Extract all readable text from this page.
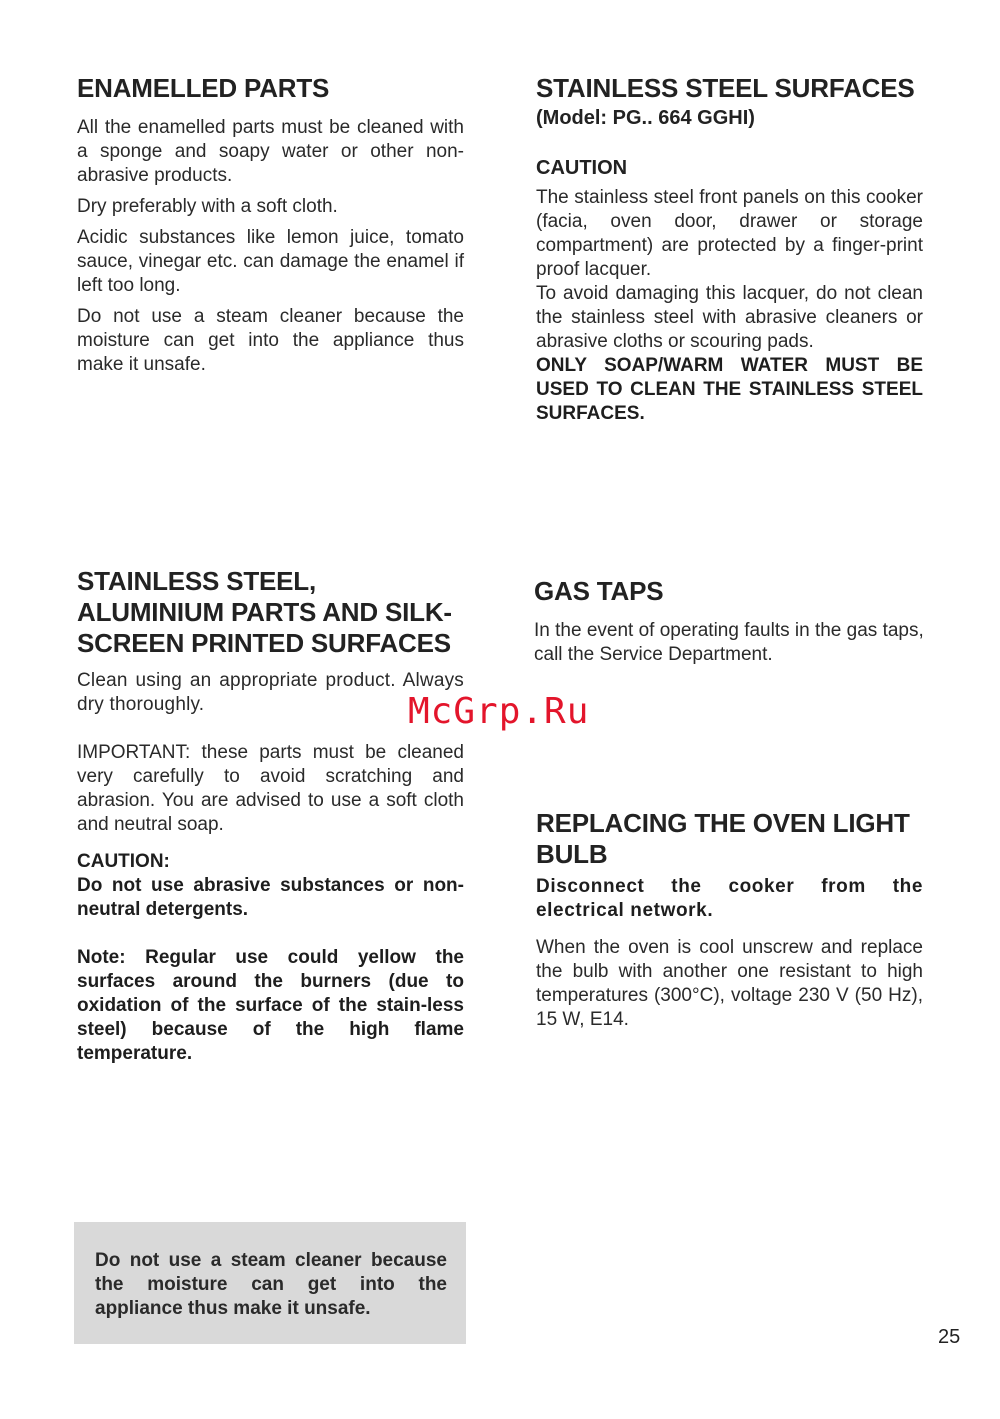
ENAMELLED PARTS

All the enamelled parts must be cleaned with a sponge and soapy water or other non-abrasive products.

Dry preferably with a soft cloth.

Acidic substances like lemon juice, tomato sauce, vinegar etc. can damage the enamel if left too long.

Do not use a steam cleaner because the moisture can get into the appliance thus make it unsafe.

STAINLESS STEEL SURFACES

(Model: PG.. 664 GGHI)

CAUTION

The stainless steel front panels on this cooker (facia, oven door, drawer or storage compartment) are protected by a finger-print proof lacquer.

To avoid damaging this lacquer, do not clean the stainless steel with abrasive cleaners or abrasive cloths or scouring pads.

ONLY SOAP/WARM WATER MUST BE USED TO CLEAN THE STAINLESS STEEL SURFACES.

STAINLESS STEEL, ALUMINIUM PARTS AND SILK-SCREEN PRINTED SURFACES

Clean using an appropriate product. Always dry thoroughly.

IMPORTANT: these parts must be cleaned very carefully to avoid scratching and abrasion. You are advised to use a soft cloth and neutral soap.

CAUTION:

Do not use abrasive substances or non-neutral detergents.

Note: Regular use could yellow the surfaces around the burners (due to oxidation of the surface of the stain-less steel) because of the high flame temperature.

GAS TAPS

In the event of operating faults in the gas taps, call the Service Department.

REPLACING THE OVEN LIGHT BULB

Disconnect the cooker from the electrical network.

When the oven is cool unscrew and replace the bulb with another one resistant to high temperatures (300°C), voltage 230 V (50 Hz), 15 W, E14.

McGrp.Ru

Do not use a steam cleaner because the moisture can get into the appliance thus make it unsafe.

25
